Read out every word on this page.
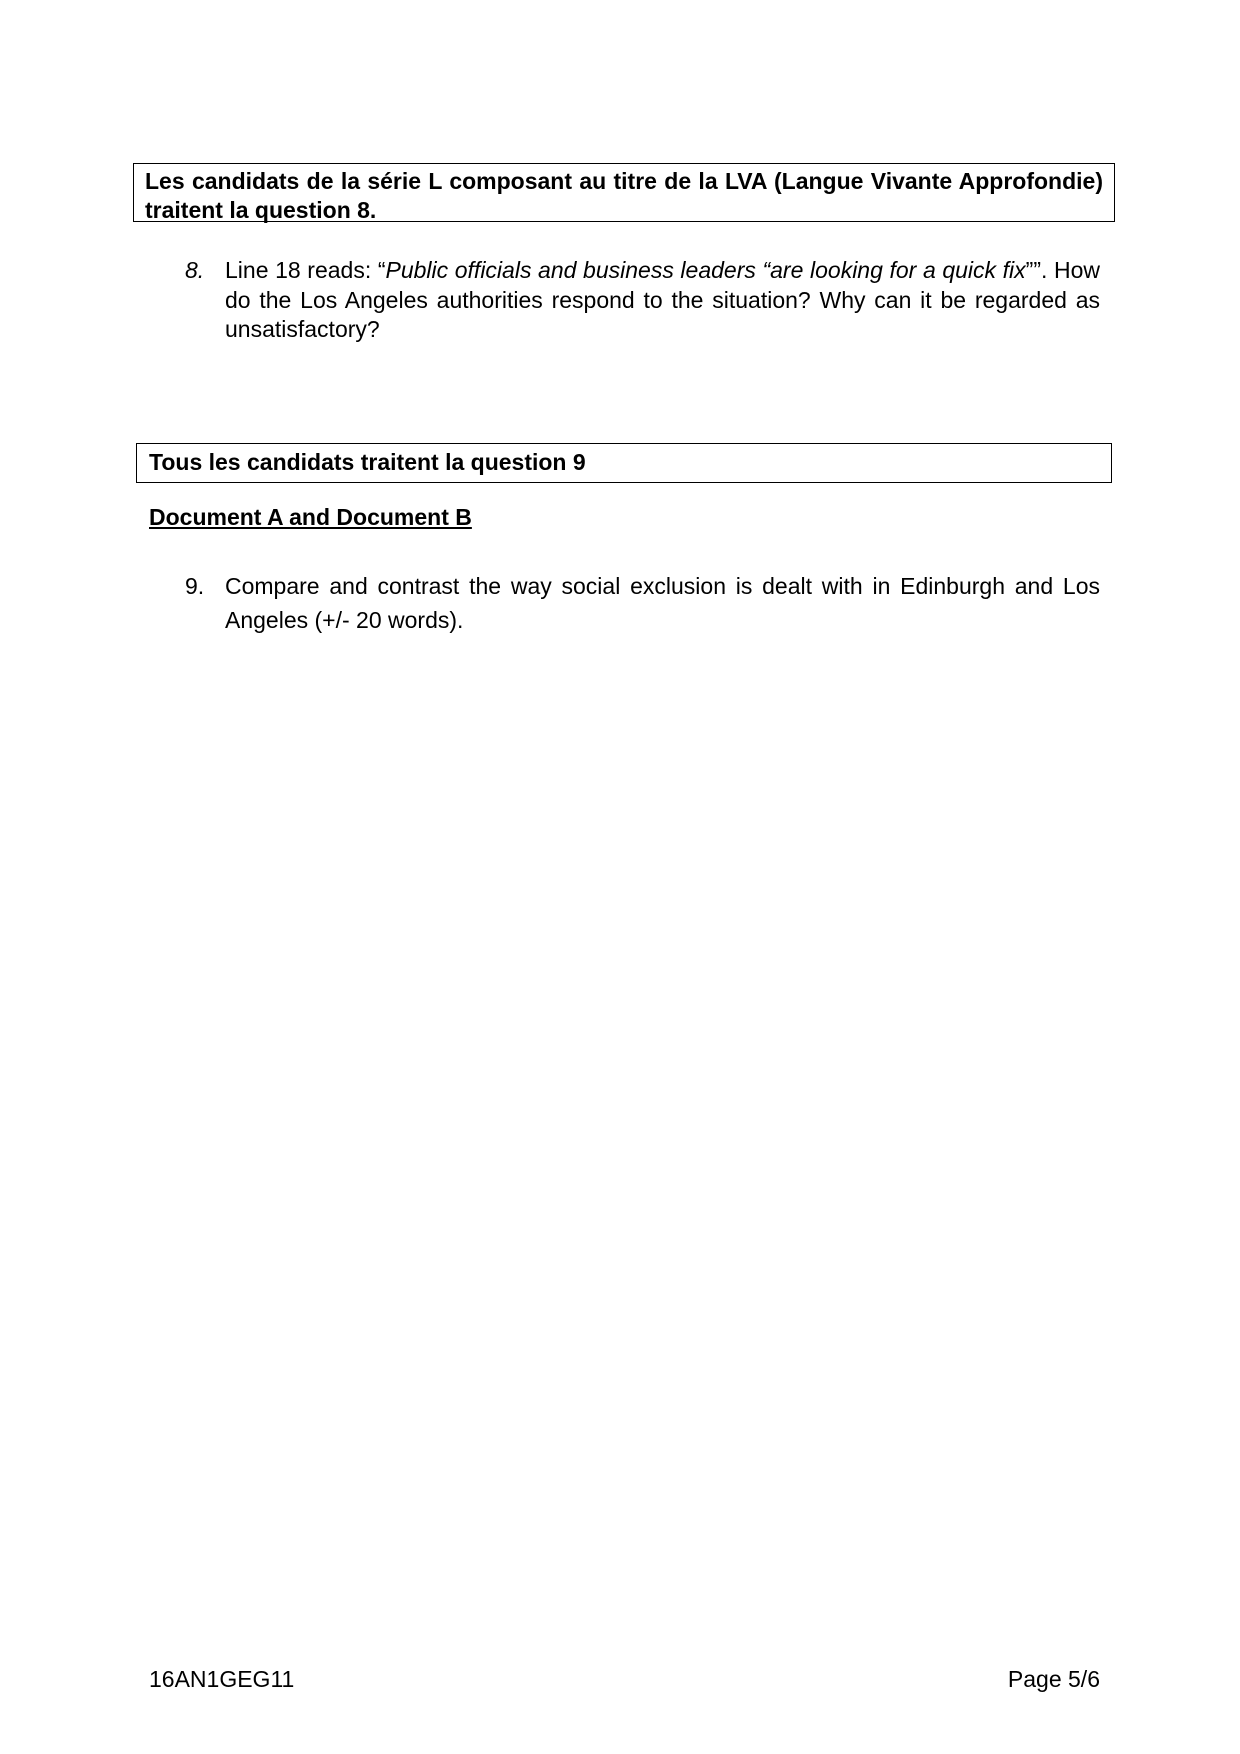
Les candidats de la série L composant au titre de la LVA (Langue Vivante Approfondie) traitent la question 8.

8. Line 18 reads: “Public officials and business leaders “are looking for a quick fix””. How do the Los Angeles authorities respond to the situation? Why can it be regarded as unsatisfactory?

Tous les candidats traitent la question 9

Document A and Document B

9. Compare and contrast the way social exclusion is dealt with in Edinburgh and Los Angeles (+/- 20 words).
16AN1GEG11	Page 5/6
